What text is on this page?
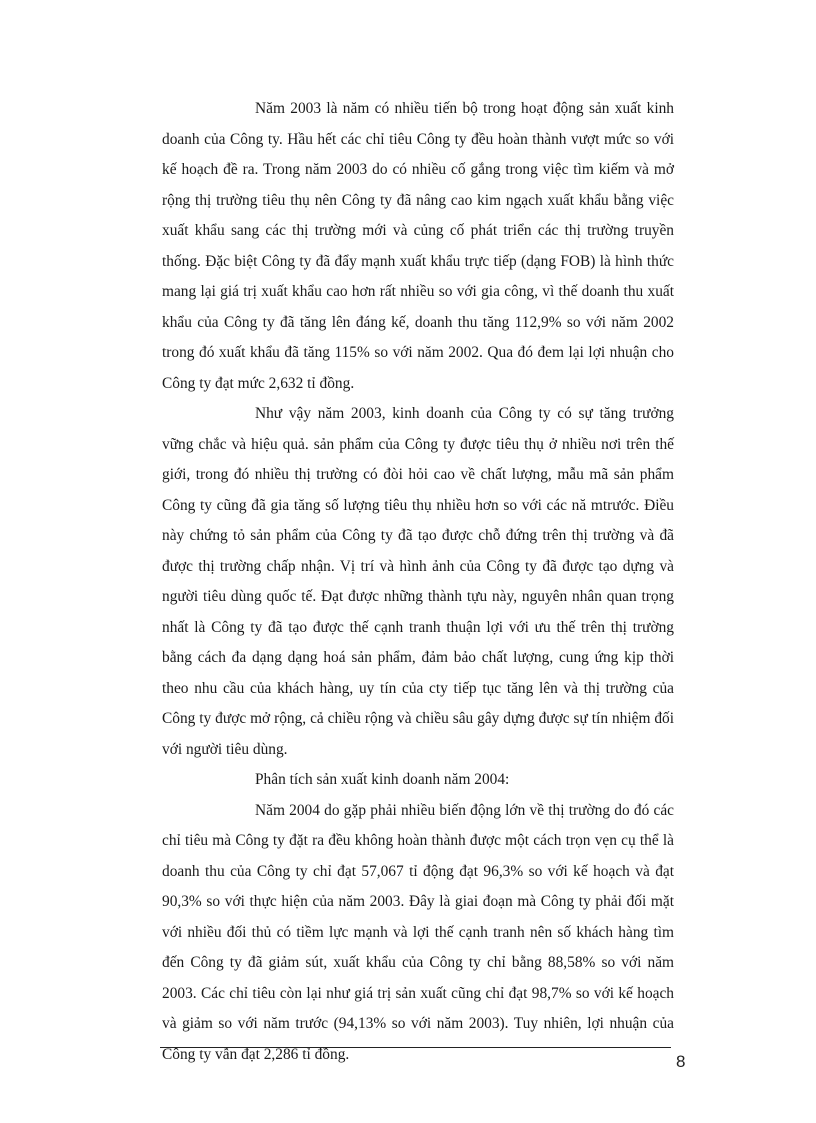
Năm 2003 là năm có nhiều tiến bộ trong hoạt động sản xuất kinh doanh của Công ty. Hầu hết các chỉ tiêu Công ty đều hoàn thành vượt mức so với kế hoạch đề ra. Trong năm 2003 do có nhiều cố gắng trong việc tìm kiếm và mở rộng thị trường tiêu thụ nên Công ty đã nâng cao kim ngạch xuất khẩu bằng việc xuất khẩu sang các thị trường mới và củng cố phát triển các thị trường truyền thống. Đặc biệt Công ty đã đẩy mạnh xuất khẩu trực tiếp (dạng FOB) là hình thức mang lại giá trị xuất khẩu cao hơn rất nhiều so với gia công, vì thế doanh thu xuất khẩu của Công ty đã tăng lên đáng kế, doanh thu tăng 112,9% so với năm 2002 trong đó xuất khẩu đã tăng 115% so với năm 2002. Qua đó đem lại lợi nhuận cho Công ty đạt mức 2,632 tỉ đồng.

Như vậy năm 2003, kinh doanh của Công ty có sự tăng trưởng vững chắc và hiệu quả. sản phẩm của Công ty được tiêu thụ ở nhiều nơi trên thế giới, trong đó nhiều thị trường có đòi hỏi cao về chất lượng, mẫu mã sản phẩm Công ty cũng đã gia tăng số lượng tiêu thụ nhiều hơn so với các nă mtrước. Điều này chứng tỏ sản phẩm của Công ty đã tạo được chỗ đứng trên thị trường và đã được thị trường chấp nhận. Vị trí và hình ảnh của Công ty đã được tạo dựng và người tiêu dùng quốc tế. Đạt được những thành tựu này, nguyên nhân quan trọng nhất là Công ty đã tạo được thế cạnh tranh thuận lợi với ưu thế trên thị trường bằng cách đa dạng dạng hoá sản phẩm, đảm bảo chất lượng, cung ứng kịp thời theo nhu cầu của khách hàng, uy tín của cty tiếp tục tăng lên và thị trường của Công ty được mở rộng, cả chiều rộng và chiều sâu gây dựng được sự tín nhiệm đối với người tiêu dùng.

Phân tích sản xuất kinh doanh năm 2004:

Năm 2004 do gặp phải nhiều biến động lớn về thị trường do đó các chỉ tiêu mà Công ty đặt ra đều không hoàn thành được một cách trọn vẹn cụ thể là doanh thu của Công ty chỉ đạt 57,067 tỉ động đạt 96,3% so với kế hoạch và đạt 90,3% so với thực hiện của năm 2003. Đây là giai đoạn mà Công ty phải đối mặt với nhiều đối thủ có tiềm lực mạnh và lợi thế cạnh tranh nên số khách hàng tìm đến Công ty đã giảm sút, xuất khẩu của Công ty chỉ bằng 88,58% so với năm 2003. Các chỉ tiêu còn lại như giá trị sản xuất cũng chỉ đạt 98,7% so với kế hoạch và giảm so với năm trước (94,13% so với năm 2003). Tuy nhiên, lợi nhuận của Công ty vẫn đạt 2,286 tỉ đồng.	8
